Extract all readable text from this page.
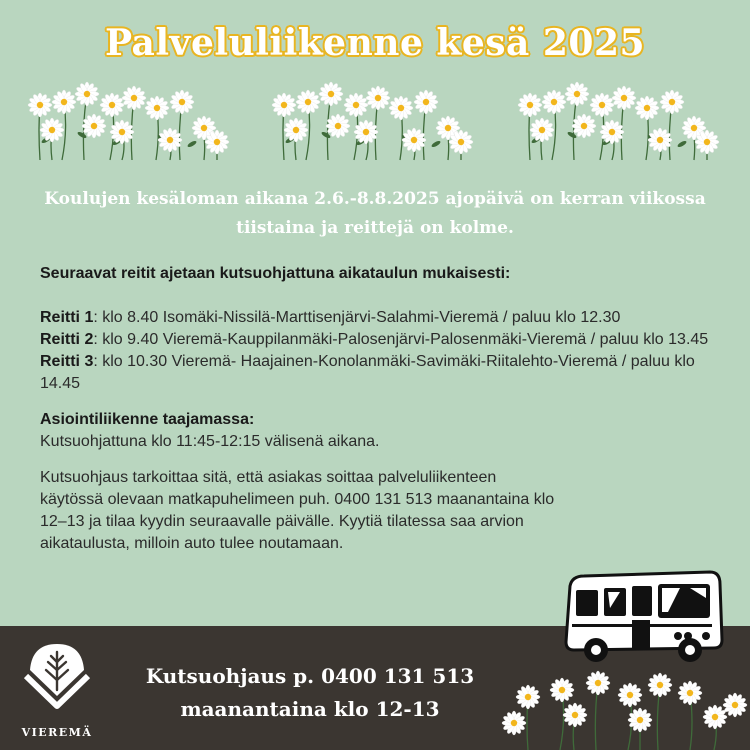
Palveluliikenne kesä 2025
Koulujen kesäloman aikana 2.6.-8.8.2025 ajopäivä on kerran viikossa
tiistaina ja reittejä on kolme.

Seuraavat reitit ajetaan kutsuohjattuna aikataulun mukaisesti:

Reitti 1: klo 8.40 Isomäki-Nissilä-Marttisenjärvi-Salahmi-Vieremä / paluu klo 12.30

Reitti 2: klo 9.40 Vieremä-Kauppilanmäki-Palosenjärvi-Palosenmäki-Vieremä / paluu klo 13.45

Reitti 3: klo 10.30 Vieremä- Haajainen-Konolanmäki-Savimäki-Riitalehto-Vieremä / paluu klo 14.45

Asiointiliikenne taajamassa:

Kutsuohjattuna klo 11:45-12:15 välisenä aikana.

Kutsuohjaus tarkoittaa sitä, että asiakas soittaa palveluliikenteen

käytössä olevaan matkapuhelimeen puh. 0400 131 513 maanantaina klo

12–13 ja tilaa kyydin seuraavalle päivälle. Kyytiä tilatessa saa arvion

aikataulusta, milloin auto tulee noutamaan.

VIEREMÄ
Kutsuohjaus p. 0400 131 513
maanantaina klo 12-13
